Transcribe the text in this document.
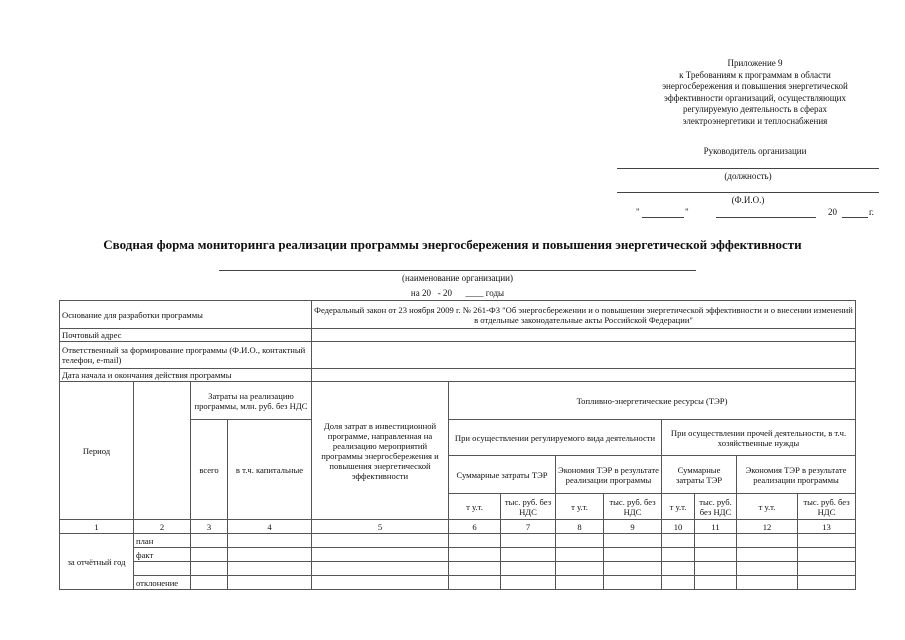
Приложение 9
к Требованиям к программам в области
энергосбережения и повышения энергетической
эффективности организаций, осуществляющих
регулируемую деятельность в сферах
электроэнергетики и теплоснабжения
Руководитель организации
(должность)
(Ф.И.О.)
"	"	20	г.
Сводная форма мониторинга реализации программы энергосбережения и повышения энергетической эффективности
(наименование организации)
на 20   - 20      ____ годы
Основание для разработки программы				Федеральный закон от 23 ноября 2009 г. № 261-ФЗ "Об энергосбережении и о повышении энергетической эффективности и о внесении изменений в отдельные законодательные акты Российской Федерации"								
Почтовый адрес												
Ответственный за формирование программы (Ф.И.О., контактный телефон, e-mail)												
Дата начала и окончания действия программы												
Период		Затраты на реализацию программы, млн. руб. без НДС		Доля затрат в инвестиционной программе, направленная на реализацию мероприятий программы энергосбережения и повышения энергетической эффективности	Топливно-энергетические ресурсы (ТЭР)							
		всего	в т.ч. капитальные		При осуществлении регулируемого вида деятельности				При осуществлении прочей деятельности, в т.ч. хозяйственные нужды			
					Суммарные затраты ТЭР		Экономия ТЭР в результате реализации программы		Суммарные затраты ТЭР		Экономия ТЭР в результате реализации программы	
					т у.т.	тыс. руб. без НДС	т у.т.	тыс. руб. без НДС	т у.т.	тыс. руб. без НДС	т у.т.	тыс. руб. без НДС
1	2	3	4	5	6	7	8	9	10	11	12	13
за отчётный год	план											
	факт											

	отклонение											
